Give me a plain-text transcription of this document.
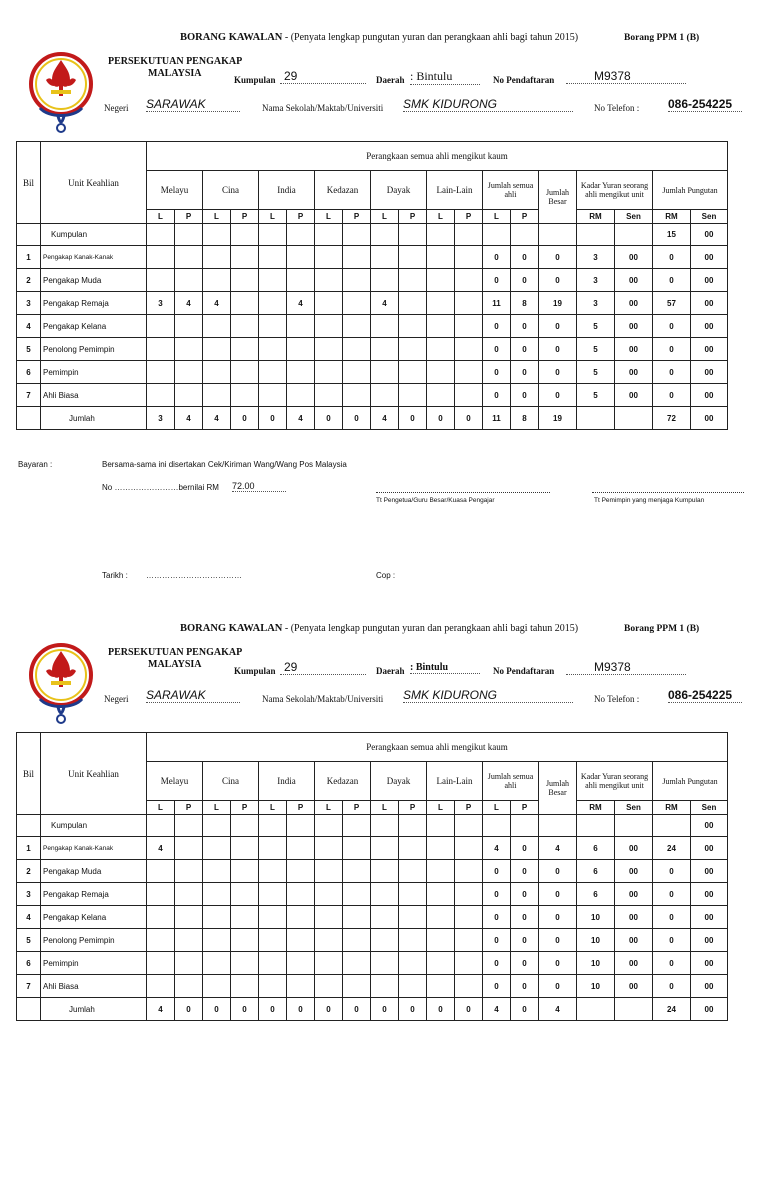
BORANG KAWALAN - (Penyata lengkap pungutan yuran dan perangkaan ahli bagi tahun 2015)	Borang PPM 1 (B)
PERSEKUTUAN PENGAKAP
MALAYSIA
Kumpulan 29	Daerah : Bintulu	No Pendaftaran	M9378
Negeri SARAWAK	Nama Sekolah/Maktab/Universiti SMK KIDURONG	No Telefon : 086-254225
Bil	Unit Keahlian	Perangkaan semua ahli mengikut kaum																		
		Melayu		Cina		India		Kedazan		Dayak		Lain-Lain		Jumlah semua ahli		Jumlah Besar	Kadar Yuran seorang ahli mengikut unit		Jumlah Pungutan	
		L	P	L	P	L	P	L	P	L	P	L	P	L	P		RM	Sen	RM	Sen
	Kumpulan																		15	00
1	Pengakap Kanak-Kanak													0	0	0	3	00	0	00
2	Pengakap Muda													0	0	0	3	00	0	00
3	Pengakap Remaja	3	4	4			4			4				11	8	19	3	00	57	00
4	Pengakap Kelana													0	0	0	5	00	0	00
5	Penolong Pemimpin													0	0	0	5	00	0	00
6	Pemimpin													0	0	0	5	00	0	00
7	Ahli Biasa													0	0	0	5	00	0	00
	Jumlah	3	4	4	0	0	4	0	0	4	0	0	0	11	8	19			72	00
Bayaran :	Bersama-sama ini disertakan Cek/Kiriman Wang/Wang Pos Malaysia
No ……………………bernilai RM 72.00
Tt Pengetua/Guru Besar/Kuasa Pengajar	Tt Pemimpin yang menjaga Kumpulan
Tarikh : ………………………………	Cop :
BORANG KAWALAN - (Penyata lengkap pungutan yuran dan perangkaan ahli bagi tahun 2015)	Borang PPM 1 (B)
PERSEKUTUAN PENGAKAP
MALAYSIA
Kumpulan 29	Daerah : Bintulu	No Pendaftaran	M9378
Negeri SARAWAK	Nama Sekolah/Maktab/Universiti SMK KIDURONG	No Telefon : 086-254225
Bil	Unit Keahlian	Perangkaan semua ahli mengikut kaum																		
		Melayu		Cina		India		Kedazan		Dayak		Lain-Lain		Jumlah semua ahli		Jumlah Besar	Kadar Yuran seorang ahli mengikut unit		Jumlah Pungutan	
		L	P	L	P	L	P	L	P	L	P	L	P	L	P		RM	Sen	RM	Sen
	Kumpulan																			00
1	Pengakap Kanak-Kanak	4												4	0	4	6	00	24	00
2	Pengakap Muda													0	0	0	6	00	0	00
3	Pengakap Remaja													0	0	0	6	00	0	00
4	Pengakap Kelana													0	0	0	10	00	0	00
5	Penolong Pemimpin													0	0	0	10	00	0	00
6	Pemimpin													0	0	0	10	00	0	00
7	Ahli Biasa													0	0	0	10	00	0	00
	Jumlah	4	0	0	0	0	0	0	0	0	0	0	0	4	0	4			24	00
